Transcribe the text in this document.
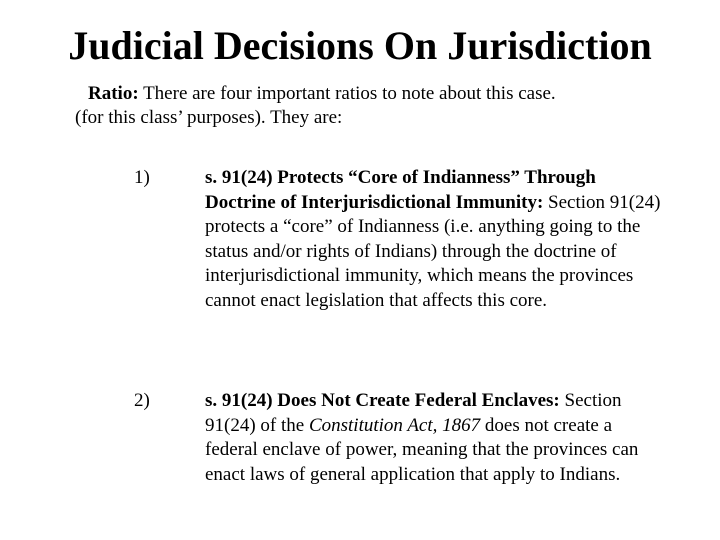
Judicial Decisions On Jurisdiction
Ratio: There are four important ratios to note about this case.
(for this class’ purposes). They are:
1)	s. 91(24) Protects “Core of Indianness” Through Doctrine of Interjurisdictional Immunity: Section 91(24) protects a “core” of Indianness (i.e. anything going to the status and/or rights of Indians) through the doctrine of interjurisdictional immunity, which means the provinces cannot enact legislation that affects this core.
2)	s. 91(24) Does Not Create Federal Enclaves: Section 91(24) of the Constitution Act, 1867 does not create a federal enclave of power, meaning that the provinces can enact laws of general application that apply to Indians.
